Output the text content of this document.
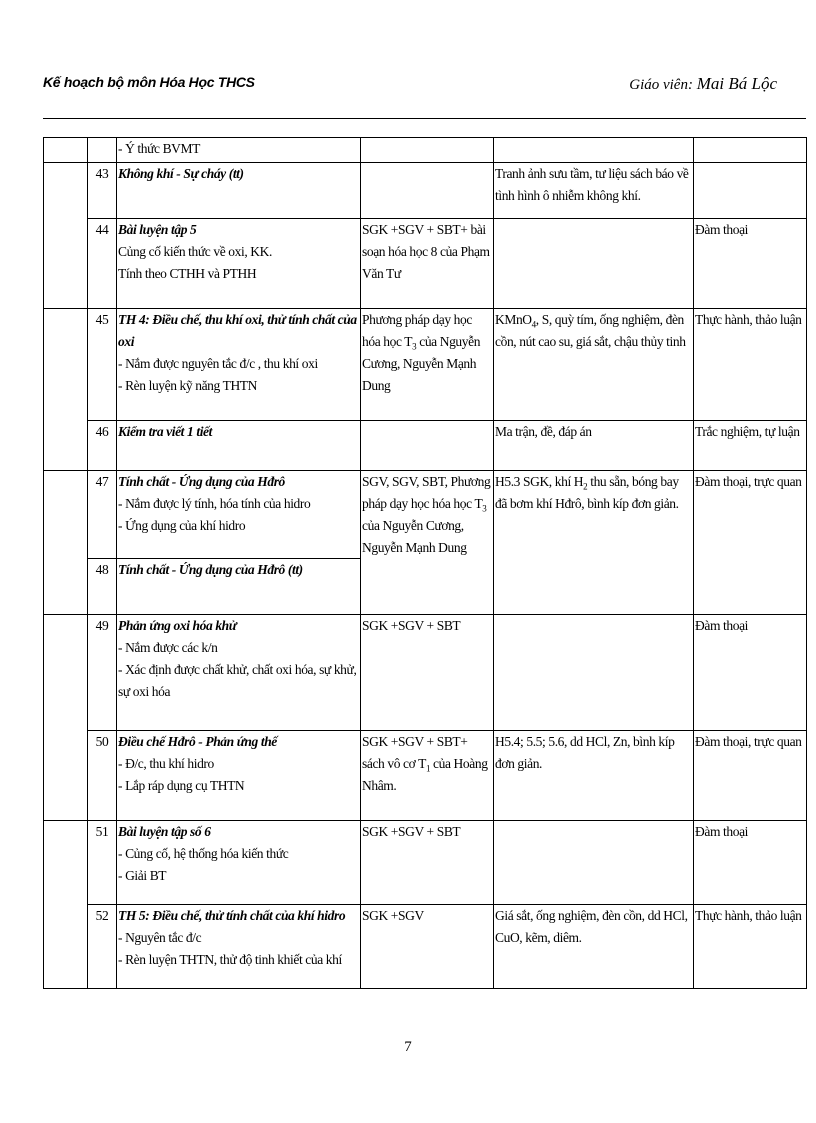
Kế hoạch bộ môn Hóa Học THCS	Giáo viên: Mai Bá Lộc

		- Ý thức BVMT			

	43	Không khí - Sự cháy (tt)		Tranh ảnh sưu tầm, tư liệu sách báo về tình hình ô nhiễm không khí.	
	44	Bài luyện tập 5
Củng cố kiến thức về oxi, KK.
Tính theo CTHH và PTHH	SGK +SGV + SBT+ bài soạn hóa học 8 của Phạm Văn Tư		Đàm thoại
	45	TH 4: Điều chế, thu khí oxi, thử tính chất của oxi
- Nắm được nguyên tắc đ/c , thu khí oxi
- Rèn luyện kỹ năng THTN	Phương pháp dạy học hóa học $T_3$ của Nguyễn Cương, Nguyễn Mạnh Dung	KMnO$_4$, S, quỳ tím, ống nghiệm, đèn cồn, nút cao su, giá sắt, chậu thủy tinh	Thực hành, thảo luận
	46	Kiểm tra viết 1 tiết		Ma trận, đề, đáp án	Trắc nghiệm, tự luận
	47	Tính chất - Ứng dụng của Hđrô
- Nắm được lý tính, hóa tính của hidro
- Ứng dụng của khí hidro	SGV, SGV, SBT, Phương pháp dạy học hóa học $T_3$ của Nguyễn Cương, Nguyễn Mạnh Dung	H5.3 SGK, khí $H_2$ thu sẵn, bóng bay đã bơm khí Hđrô, bình kíp đơn giản.	Đàm thoại, trực quan
	48	Tính chất - Ứng dụng của Hđrô (tt)			

	49	Phản ứng oxi hóa khử
- Nắm được các k/n
- Xác định được chất khử, chất oxi hóa, sự khử, sự oxi hóa	SGK +SGV + SBT		Đàm thoại
	50	Điều chế Hđrô - Phản ứng thế
- Đ/c, thu khí hidro
- Lắp ráp dụng cụ THTN	SGK +SGV + SBT+ sách vô cơ $T_1$ của Hoàng Nhâm.	H5.4; 5.5; 5.6, dd HCl, Zn, bình kíp đơn giản.	Đàm thoại, trực quan
	51	Bài luyện tập số 6
- Củng cố, hệ thống hóa kiến thức
- Giải BT	SGK +SGV + SBT		Đàm thoại
	52	TH 5: Điều chế, thử tính chất của khí hidro
- Nguyên tắc đ/c
- Rèn luyện THTN, thử độ tinh khiết của khí	SGK +SGV	Giá sắt, ống nghiệm, đèn cồn, dd HCl, CuO, kẽm, diêm.	Thực hành, thảo luận
7
